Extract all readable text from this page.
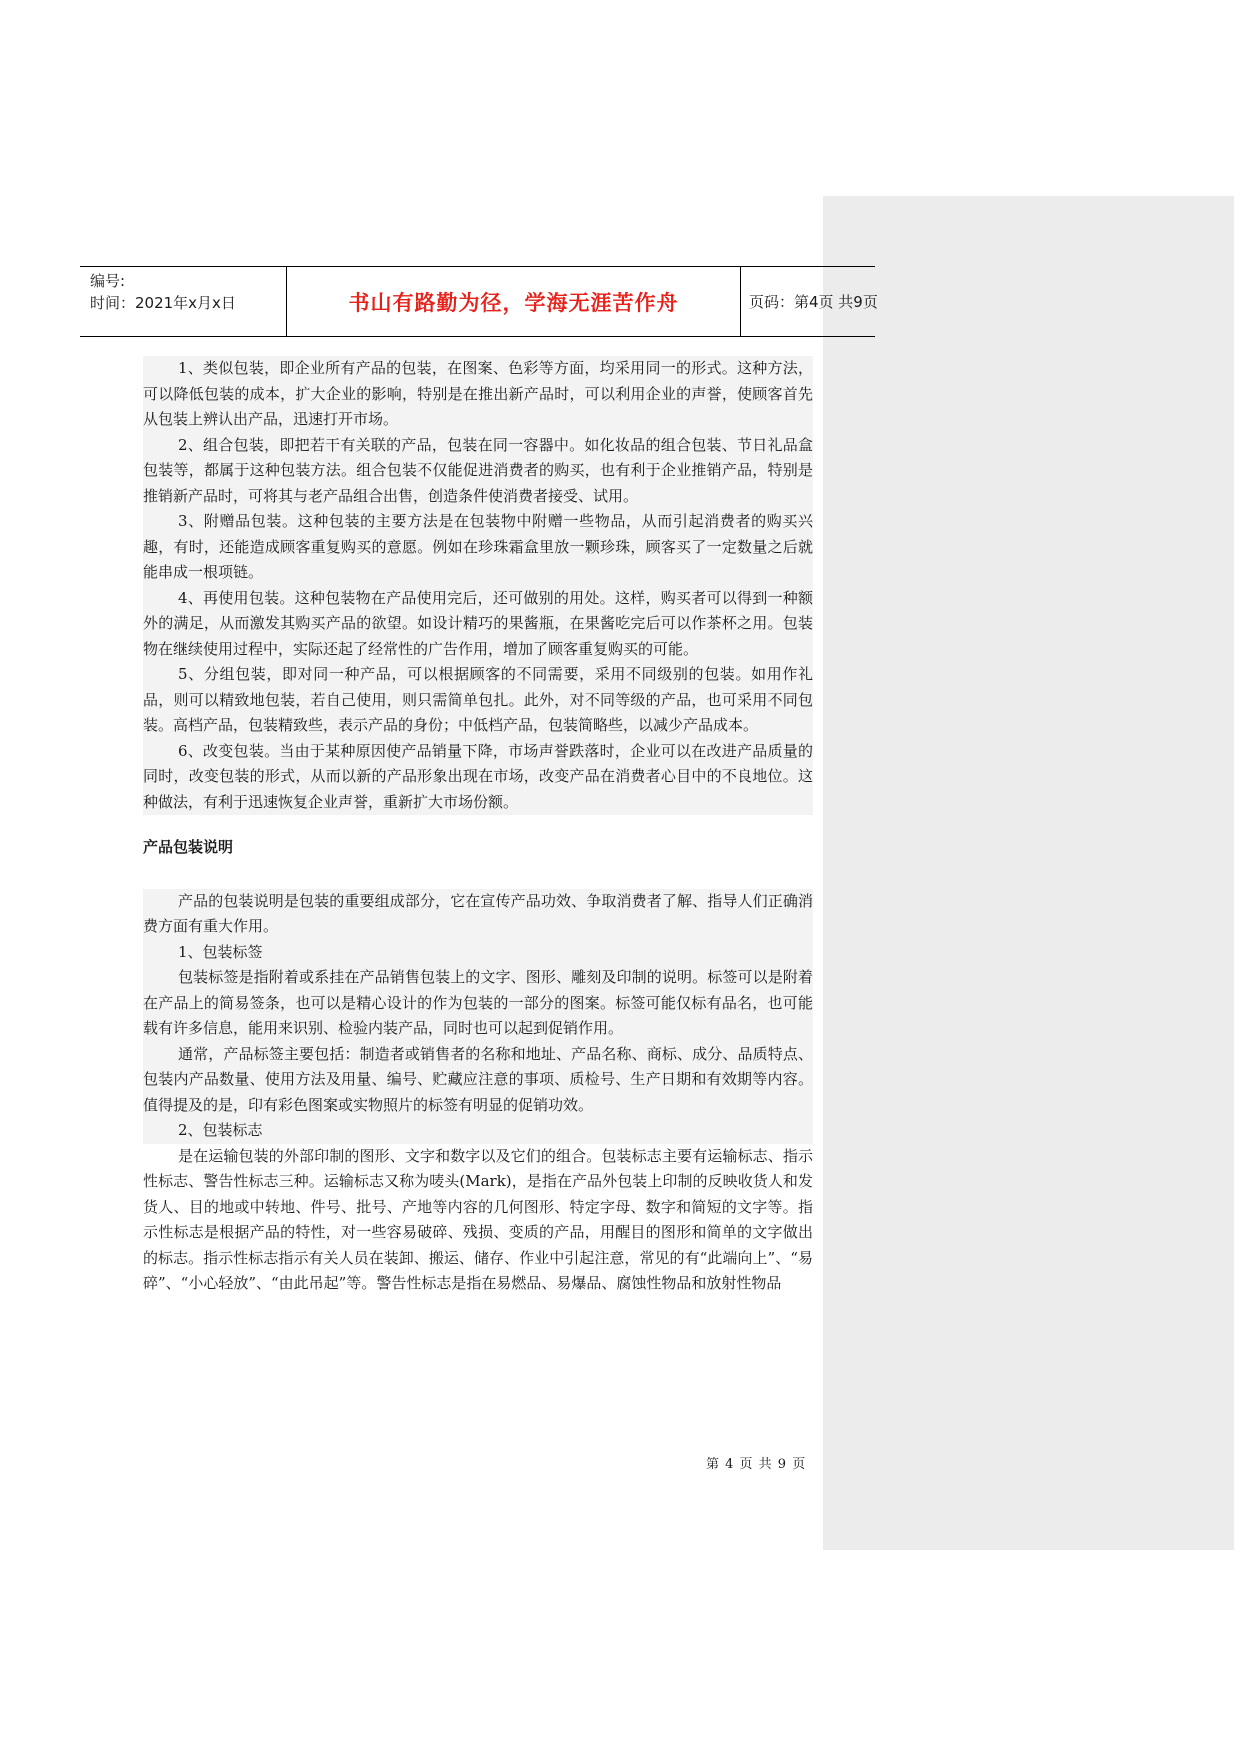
编号:
时间：2021年x月x日	书山有路勤为径，学海无涯苦作舟	页码：第4页 共9页

1、类似包装，即企业所有产品的包装，在图案、色彩等方面，均采用同一的形式。这种方法，可以降低包装的成本，扩大企业的影响，特别是在推出新产品时，可以利用企业的声誉，使顾客首先从包装上辨认出产品，迅速打开市场。

2、组合包装，即把若干有关联的产品，包装在同一容器中。如化妆品的组合包装、节日礼品盒包装等，都属于这种包装方法。组合包装不仅能促进消费者的购买，也有利于企业推销产品，特别是推销新产品时，可将其与老产品组合出售，创造条件使消费者接受、试用。

3、附赠品包装。这种包装的主要方法是在包装物中附赠一些物品，从而引起消费者的购买兴趣，有时，还能造成顾客重复购买的意愿。例如在珍珠霜盒里放一颗珍珠，顾客买了一定数量之后就能串成一根项链。

4、再使用包装。这种包装物在产品使用完后，还可做别的用处。这样，购买者可以得到一种额外的满足，从而激发其购买产品的欲望。如设计精巧的果酱瓶，在果酱吃完后可以作茶杯之用。包装物在继续使用过程中，实际还起了经常性的广告作用，增加了顾客重复购买的可能。

5、分组包装，即对同一种产品，可以根据顾客的不同需要，采用不同级别的包装。如用作礼品，则可以精致地包装，若自己使用，则只需简单包扎。此外，对不同等级的产品，也可采用不同包装。高档产品，包装精致些，表示产品的身份；中低档产品，包装简略些，以减少产品成本。

6、改变包装。当由于某种原因使产品销量下降，市场声誉跌落时，企业可以在改进产品质量的同时，改变包装的形式，从而以新的产品形象出现在市场，改变产品在消费者心目中的不良地位。这种做法，有利于迅速恢复企业声誉，重新扩大市场份额。

产品包装说明

产品的包装说明是包装的重要组成部分，它在宣传产品功效、争取消费者了解、指导人们正确消费方面有重大作用。

1、包装标签

包装标签是指附着或系挂在产品销售包装上的文字、图形、雕刻及印制的说明。标签可以是附着在产品上的简易签条，也可以是精心设计的作为包装的一部分的图案。标签可能仅标有品名，也可能载有许多信息，能用来识别、检验内装产品，同时也可以起到促销作用。

通常，产品标签主要包括：制造者或销售者的名称和地址、产品名称、商标、成分、品质特点、包装内产品数量、使用方法及用量、编号、贮藏应注意的事项、质检号、生产日期和有效期等内容。值得提及的是，印有彩色图案或实物照片的标签有明显的促销功效。

2、包装标志

是在运输包装的外部印制的图形、文字和数字以及它们的组合。包装标志主要有运输标志、指示性标志、警告性标志三种。运输标志又称为唛头(Mark)，是指在产品外包装上印制的反映收货人和发货人、目的地或中转地、件号、批号、产地等内容的几何图形、特定字母、数字和简短的文字等。指示性标志是根据产品的特性，对一些容易破碎、残损、变质的产品，用醒目的图形和简单的文字做出的标志。指示性标志指示有关人员在装卸、搬运、储存、作业中引起注意，常见的有“此端向上”、“易碎”、“小心轻放”、“由此吊起”等。警告性标志是指在易燃品、易爆品、腐蚀性物品和放射性物品

第 4 页 共 9 页
